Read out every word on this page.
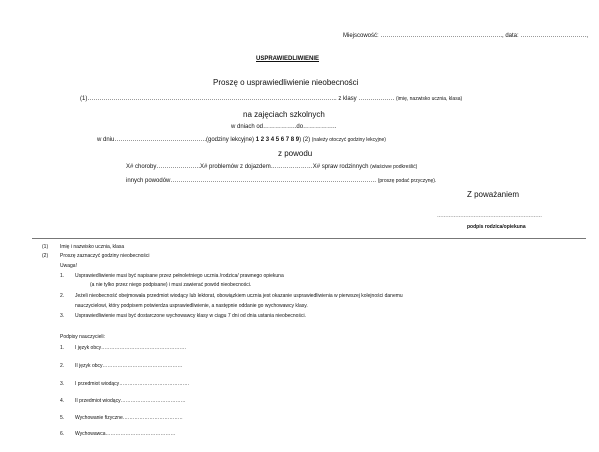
Miejscowość: ……………………………………………………., data: ……………………………,
USPRAWIEDLIWIENIE
Proszę o usprawiedliwienie nieobecności
(1)…………………………………………………………………………………………………………….. z klasy ……………… (imię, nazwisko ucznia, klasa)
na zajęciach szkolnych
w dniach od……………..do……………..
w dniu……………………………………….(godziny lekcyjne) 1 2 3 4 5 6 7 8 9) (2) (należy otoczyć godziny lekcyjne)
z powodu
X# choroby………………….X# problemów z dojazdem…………………X# spraw rodzinnych (właściwe podkreślić)
innych powodów…………………………………………………………………………………………. (proszę podać przyczynę).
Z poważaniem
………………………………………………………
podpis rodzica/opiekuna
(1) Imię i nazwisko ucznia, klasa
(2) Proszę zaznaczyć godziny nieobecności
Uwaga!
1. Usprawiedliwienie musi być napisane przez pełnoletniego ucznia /rodzica/ prawnego opiekuna
(a nie tylko przez niego podpisane) i musi zawierać powód nieobecności.
2. Jeżeli nieobecność obejmowała przedmiot wiodący lub lektorat, obowiązkiem ucznia jest okazanie usprawiedliwienia w pierwszej kolejności danemu
nauczycielowi, który podpisem potwierdza usprawiedliwienie, a następnie oddanie go wychowawcy klasy.
3. Usprawiedliwienie musi być dostarczone wychowawcy klasy w ciągu 7 dni od dnia ustania nieobecności.
Podpisy nauczycieli:
1. I język obcy……………………………………………
2. II język obcy…………………………………………
3. I przedmiot wiodący……………………………………
4. II przedmiot wiodący…………………………………
5. Wychowanie fizyczne………………………………
6. Wychowawca……………………………………
